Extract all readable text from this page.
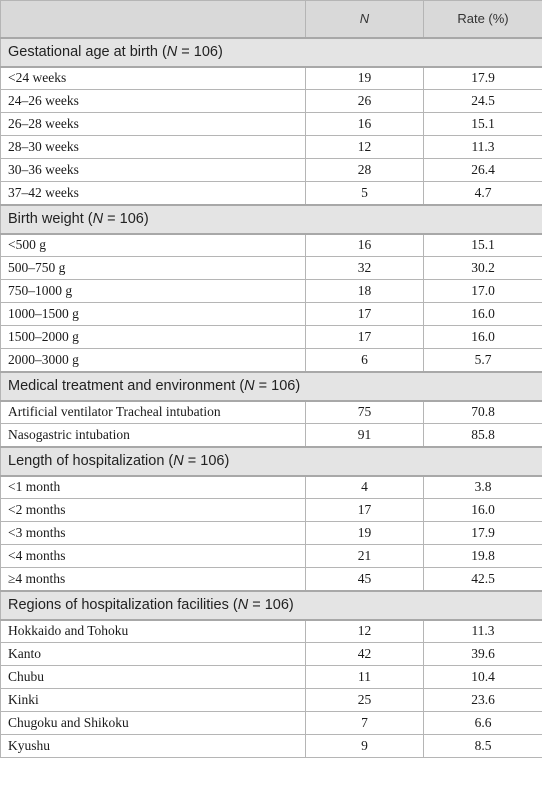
	N	Rate (%)
Gestational age at birth (N = 106)		
<24 weeks	19	17.9
24–26 weeks	26	24.5
26–28 weeks	16	15.1
28–30 weeks	12	11.3
30–36 weeks	28	26.4
37–42 weeks	5	4.7
Birth weight (N = 106)		
<500 g	16	15.1
500–750 g	32	30.2
750–1000 g	18	17.0
1000–1500 g	17	16.0
1500–2000 g	17	16.0
2000–3000 g	6	5.7
Medical treatment and environment (N = 106)		
Artificial ventilator Tracheal intubation	75	70.8
Nasogastric intubation	91	85.8
Length of hospitalization (N = 106)		
<1 month	4	3.8
<2 months	17	16.0
<3 months	19	17.9
<4 months	21	19.8
≥4 months	45	42.5
Regions of hospitalization facilities (N = 106)		
Hokkaido and Tohoku	12	11.3
Kanto	42	39.6
Chubu	11	10.4
Kinki	25	23.6
Chugoku and Shikoku	7	6.6
Kyushu	9	8.5
